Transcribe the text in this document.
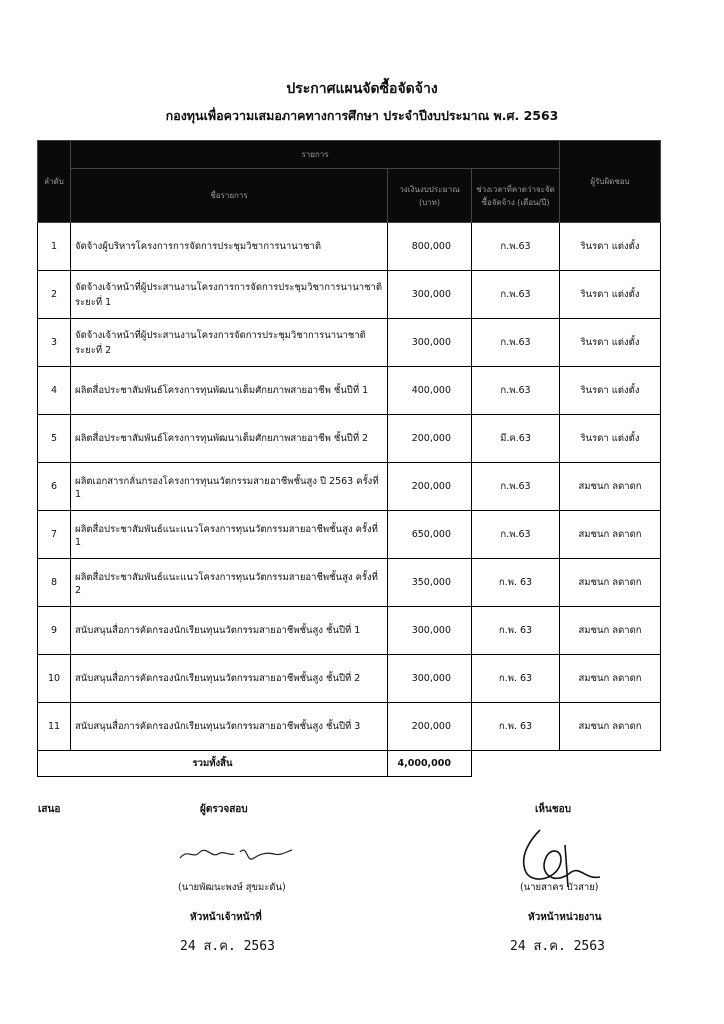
ประกาศแผนจัดซื้อจัดจ้าง
กองทุนเพื่อความเสมอภาคทางการศึกษา ประจำปีงบประมาณ พ.ศ. 2563
ลำดับ	รายการ			ผู้รับผิดชอบ
	ชื่อรายการ	วงเงินงบประมาณ (บาท)	ช่วงเวลาที่คาดว่าจะจัดซื้อจัดจ้าง (เดือน/ปี)	
1	จัดจ้างผู้บริหารโครงการการจัดการประชุมวิชาการนานาชาติ	800,000	ก.พ.63	รินรดา แต่งตั้ง
2	จัดจ้างเจ้าหน้าที่ผู้ประสานงานโครงการการจัดการประชุมวิชาการนานาชาติ ระยะที่ 1	300,000	ก.พ.63	รินรดา แต่งตั้ง
3	จัดจ้างเจ้าหน้าที่ผู้ประสานงานโครงการจัดการประชุมวิชาการนานาชาติระยะที่ 2	300,000	ก.พ.63	รินรดา แต่งตั้ง
4	ผลิตสื่อประชาสัมพันธ์โครงการทุนพัฒนาเต็มศักยภาพสายอาชีพ ชั้นปีที่ 1	400,000	ก.พ.63	รินรดา แต่งตั้ง
5	ผลิตสื่อประชาสัมพันธ์โครงการทุนพัฒนาเต็มศักยภาพสายอาชีพ ชั้นปีที่ 2	200,000	มี.ค.63	รินรดา แต่งตั้ง
6	ผลิตเอกสารกลั่นกรองโครงการทุนนวัตกรรมสายอาชีพชั้นสูง ปี 2563 ครั้งที่ 1	200,000	ก.พ.63	สมชนก ลดาดก
7	ผลิตสื่อประชาสัมพันธ์แนะแนวโครงการทุนนวัตกรรมสายอาชีพชั้นสูง ครั้งที่ 1	650,000	ก.พ.63	สมชนก ลดาดก
8	ผลิตสื่อประชาสัมพันธ์แนะแนวโครงการทุนนวัตกรรมสายอาชีพชั้นสูง ครั้งที่ 2	350,000	ก.พ. 63	สมชนก ลดาดก
9	สนับสนุนสื่อการคัดกรองนักเรียนทุนนวัตกรรมสายอาชีพชั้นสูง ชั้นปีที่ 1	300,000	ก.พ. 63	สมชนก ลดาดก
10	สนับสนุนสื่อการคัดกรองนักเรียนทุนนวัตกรรมสายอาชีพชั้นสูง ชั้นปีที่ 2	300,000	ก.พ. 63	สมชนก ลดาดก
11	สนับสนุนสื่อการคัดกรองนักเรียนทุนนวัตกรรมสายอาชีพชั้นสูง ชั้นปีที่ 3	200,000	ก.พ. 63	สมชนก ลดาดก
รวมทั้งสิ้น		4,000,000		
เสนอ	ผู้ตรวจสอบ	เห็นชอบ
(นายพัฒนะพงษ์ สุขมะดัน)	(นายสาคร บัวสาย)
หัวหน้าเจ้าหน้าที่	หัวหน้าหน่วยงาน
24 ส.ค. 2563	24 ส.ค. 2563
